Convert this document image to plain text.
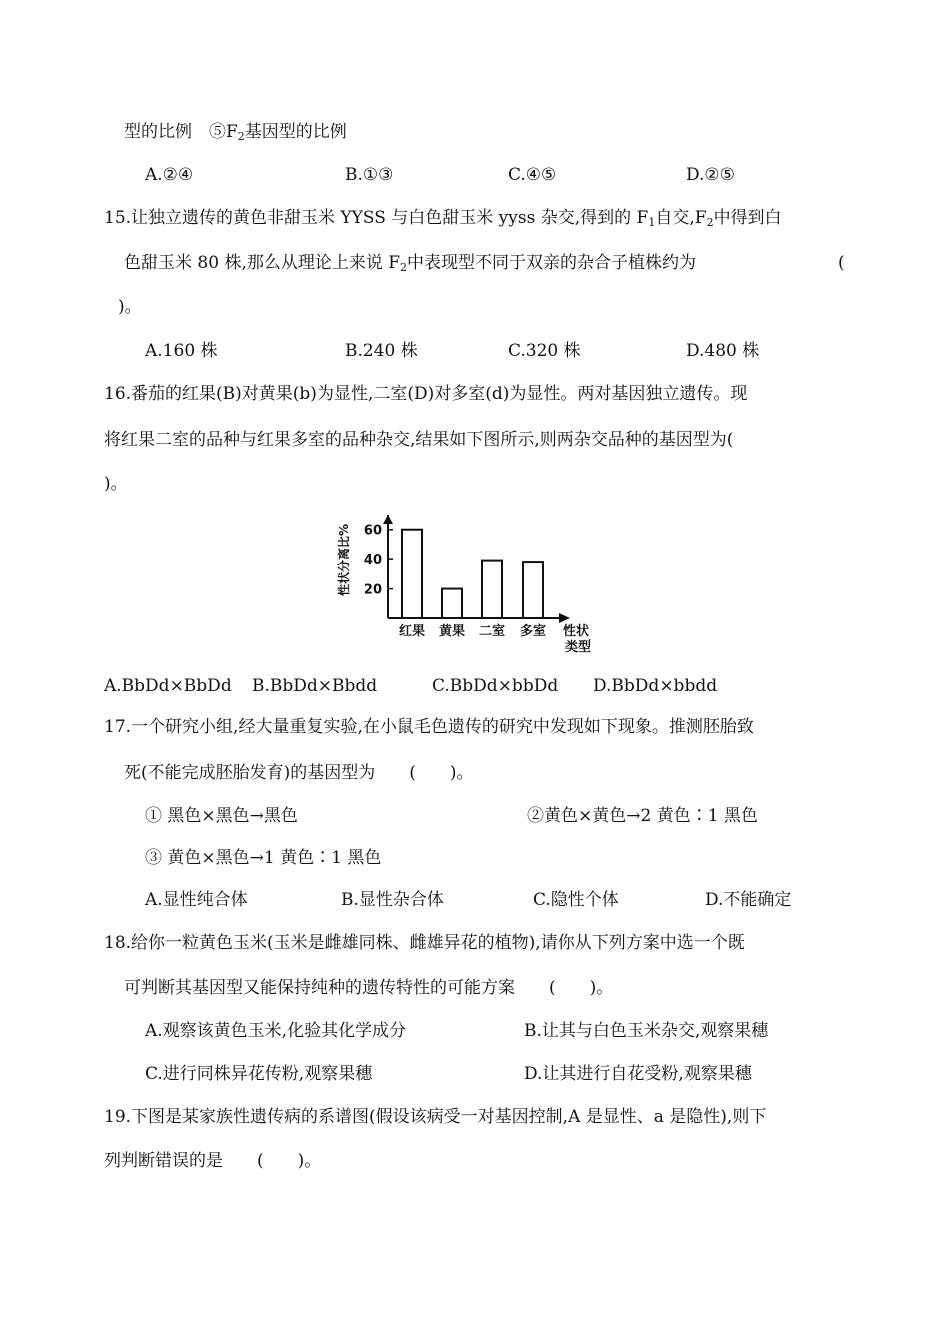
型的比例　$⑤F_2$基因型的比例
A.②④	B.①③	C.④⑤	D.②⑤
15.让独立遗传的黄色非甜玉米 YYSS 与白色甜玉米 yyss 杂交,得到的 $F_1$自交$,F_2$中得到白
色甜玉米 80 株,那么从理论上来说 $F_2$中表现型不同于双亲的杂合子植株约为	(
)。
A.160 株	B.240 株	C.320 株	D.480 株
16.番茄的红果(B)对黄果(b)为显性,二室(D)对多室(d)为显性。两对基因独立遗传。现
将红果二室的品种与红果多室的品种杂交,结果如下图所示,则两杂交品种的基因型为(
)。
20
40
60
性状分离比%
红果 黄果 二室 多室 性状
类型
A.BbDd×BbDd B.BbDd×Bbdd	C.BbDd×bbDd D.BbDd×bbdd
17.一个研究小组,经大量重复实验,在小鼠毛色遗传的研究中发现如下现象。推测胚胎致
死(不能完成胚胎发育)的基因型为　　(　　)。
① 黑色×黑色→黑色	②黄色×黄色→2 黄色∶1 黑色
③ 黄色×黑色→1 黄色∶1 黑色
A.显性纯合体	B.显性杂合体	C.隐性个体	D.不能确定
18.给你一粒黄色玉米(玉米是雌雄同株、雌雄异花的植物),请你从下列方案中选一个既
可判断其基因型又能保持纯种的遗传特性的可能方案　　(　　)。
A.观察该黄色玉米,化验其化学成分	B.让其与白色玉米杂交,观察果穗
C.进行同株异花传粉,观察果穗	D.让其进行自花受粉,观察果穗
19.下图是某家族性遗传病的系谱图(假设该病受一对基因控制,A 是显性、a 是隐性),则下
列判断错误的是　　(　　)。
